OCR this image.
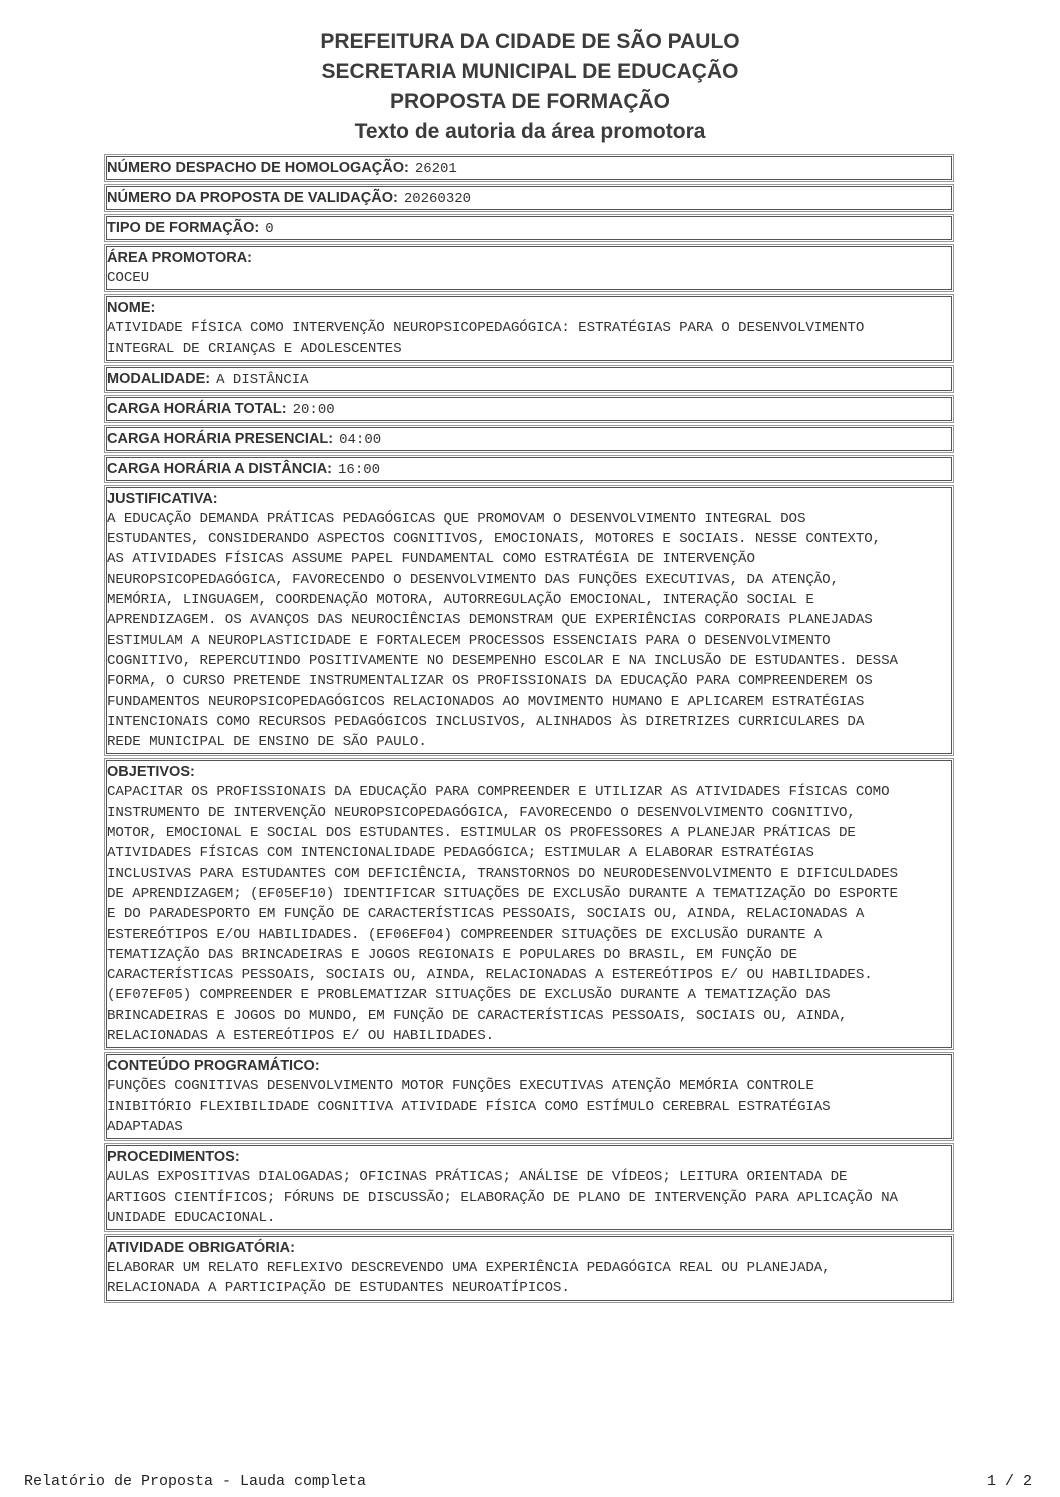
PREFEITURA DA CIDADE DE SÃO PAULO
SECRETARIA MUNICIPAL DE EDUCAÇÃO
PROPOSTA DE FORMAÇÃO
Texto de autoria da área promotora
NÚMERO DESPACHO DE HOMOLOGAÇÃO: 26201
NÚMERO DA PROPOSTA DE VALIDAÇÃO: 20260320
TIPO DE FORMAÇÃO: 0
ÁREA PROMOTORA:
COCEU
NOME:
ATIVIDADE FÍSICA COMO INTERVENÇÃO NEUROPSICOPEDAGÓGICA: ESTRATÉGIAS PARA O DESENVOLVIMENTO
INTEGRAL DE CRIANÇAS E ADOLESCENTES
MODALIDADE: A DISTÂNCIA
CARGA HORÁRIA TOTAL: 20:00
CARGA HORÁRIA PRESENCIAL: 04:00
CARGA HORÁRIA A DISTÂNCIA: 16:00
JUSTIFICATIVA:
A EDUCAÇÃO DEMANDA PRÁTICAS PEDAGÓGICAS QUE PROMOVAM O DESENVOLVIMENTO INTEGRAL DOS
ESTUDANTES, CONSIDERANDO ASPECTOS COGNITIVOS, EMOCIONAIS, MOTORES E SOCIAIS. NESSE CONTEXTO,
AS ATIVIDADES FÍSICAS ASSUME PAPEL FUNDAMENTAL COMO ESTRATÉGIA DE INTERVENÇÃO
NEUROPSICOPEDAGÓGICA, FAVORECENDO O DESENVOLVIMENTO DAS FUNÇÕES EXECUTIVAS, DA ATENÇÃO,
MEMÓRIA, LINGUAGEM, COORDENAÇÃO MOTORA, AUTORREGULAÇÃO EMOCIONAL, INTERAÇÃO SOCIAL E
APRENDIZAGEM. OS AVANÇOS DAS NEUROCIÊNCIAS DEMONSTRAM QUE EXPERIÊNCIAS CORPORAIS PLANEJADAS
ESTIMULAM A NEUROPLASTICIDADE E FORTALECEM PROCESSOS ESSENCIAIS PARA O DESENVOLVIMENTO
COGNITIVO, REPERCUTINDO POSITIVAMENTE NO DESEMPENHO ESCOLAR E NA INCLUSÃO DE ESTUDANTES. DESSA
FORMA, O CURSO PRETENDE INSTRUMENTALIZAR OS PROFISSIONAIS DA EDUCAÇÃO PARA COMPREENDEREM OS
FUNDAMENTOS NEUROPSICOPEDAGÓGICOS RELACIONADOS AO MOVIMENTO HUMANO E APLICAREM ESTRATÉGIAS
INTENCIONAIS COMO RECURSOS PEDAGÓGICOS INCLUSIVOS, ALINHADOS ÀS DIRETRIZES CURRICULARES DA
REDE MUNICIPAL DE ENSINO DE SÃO PAULO.
OBJETIVOS:
CAPACITAR OS PROFISSIONAIS DA EDUCAÇÃO PARA COMPREENDER E UTILIZAR AS ATIVIDADES FÍSICAS COMO
INSTRUMENTO DE INTERVENÇÃO NEUROPSICOPEDAGÓGICA, FAVORECENDO O DESENVOLVIMENTO COGNITIVO,
MOTOR, EMOCIONAL E SOCIAL DOS ESTUDANTES. ESTIMULAR OS PROFESSORES A PLANEJAR PRÁTICAS DE
ATIVIDADES FÍSICAS COM INTENCIONALIDADE PEDAGÓGICA; ESTIMULAR A ELABORAR ESTRATÉGIAS
INCLUSIVAS PARA ESTUDANTES COM DEFICIÊNCIA, TRANSTORNOS DO NEURODESENVOLVIMENTO E DIFICULDADES
DE APRENDIZAGEM; (EF05EF10) IDENTIFICAR SITUAÇÕES DE EXCLUSÃO DURANTE A TEMATIZAÇÃO DO ESPORTE
E DO PARADESPORTO EM FUNÇÃO DE CARACTERÍSTICAS PESSOAIS, SOCIAIS OU, AINDA, RELACIONADAS A
ESTEREÓTIPOS E/OU HABILIDADES. (EF06EF04) COMPREENDER SITUAÇÕES DE EXCLUSÃO DURANTE A
TEMATIZAÇÃO DAS BRINCADEIRAS E JOGOS REGIONAIS E POPULARES DO BRASIL, EM FUNÇÃO DE
CARACTERÍSTICAS PESSOAIS, SOCIAIS OU, AINDA, RELACIONADAS A ESTEREÓTIPOS E/ OU HABILIDADES.
(EF07EF05) COMPREENDER E PROBLEMATIZAR SITUAÇÕES DE EXCLUSÃO DURANTE A TEMATIZAÇÃO DAS
BRINCADEIRAS E JOGOS DO MUNDO, EM FUNÇÃO DE CARACTERÍSTICAS PESSOAIS, SOCIAIS OU, AINDA,
RELACIONADAS A ESTEREÓTIPOS E/ OU HABILIDADES.
CONTEÚDO PROGRAMÁTICO:
FUNÇÕES COGNITIVAS DESENVOLVIMENTO MOTOR FUNÇÕES EXECUTIVAS ATENÇÃO MEMÓRIA CONTROLE
INIBITÓRIO FLEXIBILIDADE COGNITIVA ATIVIDADE FÍSICA COMO ESTÍMULO CEREBRAL ESTRATÉGIAS
ADAPTADAS
PROCEDIMENTOS:
AULAS EXPOSITIVAS DIALOGADAS; OFICINAS PRÁTICAS; ANÁLISE DE VÍDEOS; LEITURA ORIENTADA DE
ARTIGOS CIENTÍFICOS; FÓRUNS DE DISCUSSÃO; ELABORAÇÃO DE PLANO DE INTERVENÇÃO PARA APLICAÇÃO NA
UNIDADE EDUCACIONAL.
ATIVIDADE OBRIGATÓRIA:
ELABORAR UM RELATO REFLEXIVO DESCREVENDO UMA EXPERIÊNCIA PEDAGÓGICA REAL OU PLANEJADA,
RELACIONADA A PARTICIPAÇÃO DE ESTUDANTES NEUROATÍPICOS.
Relatório de Proposta - Lauda completa	1 / 2
